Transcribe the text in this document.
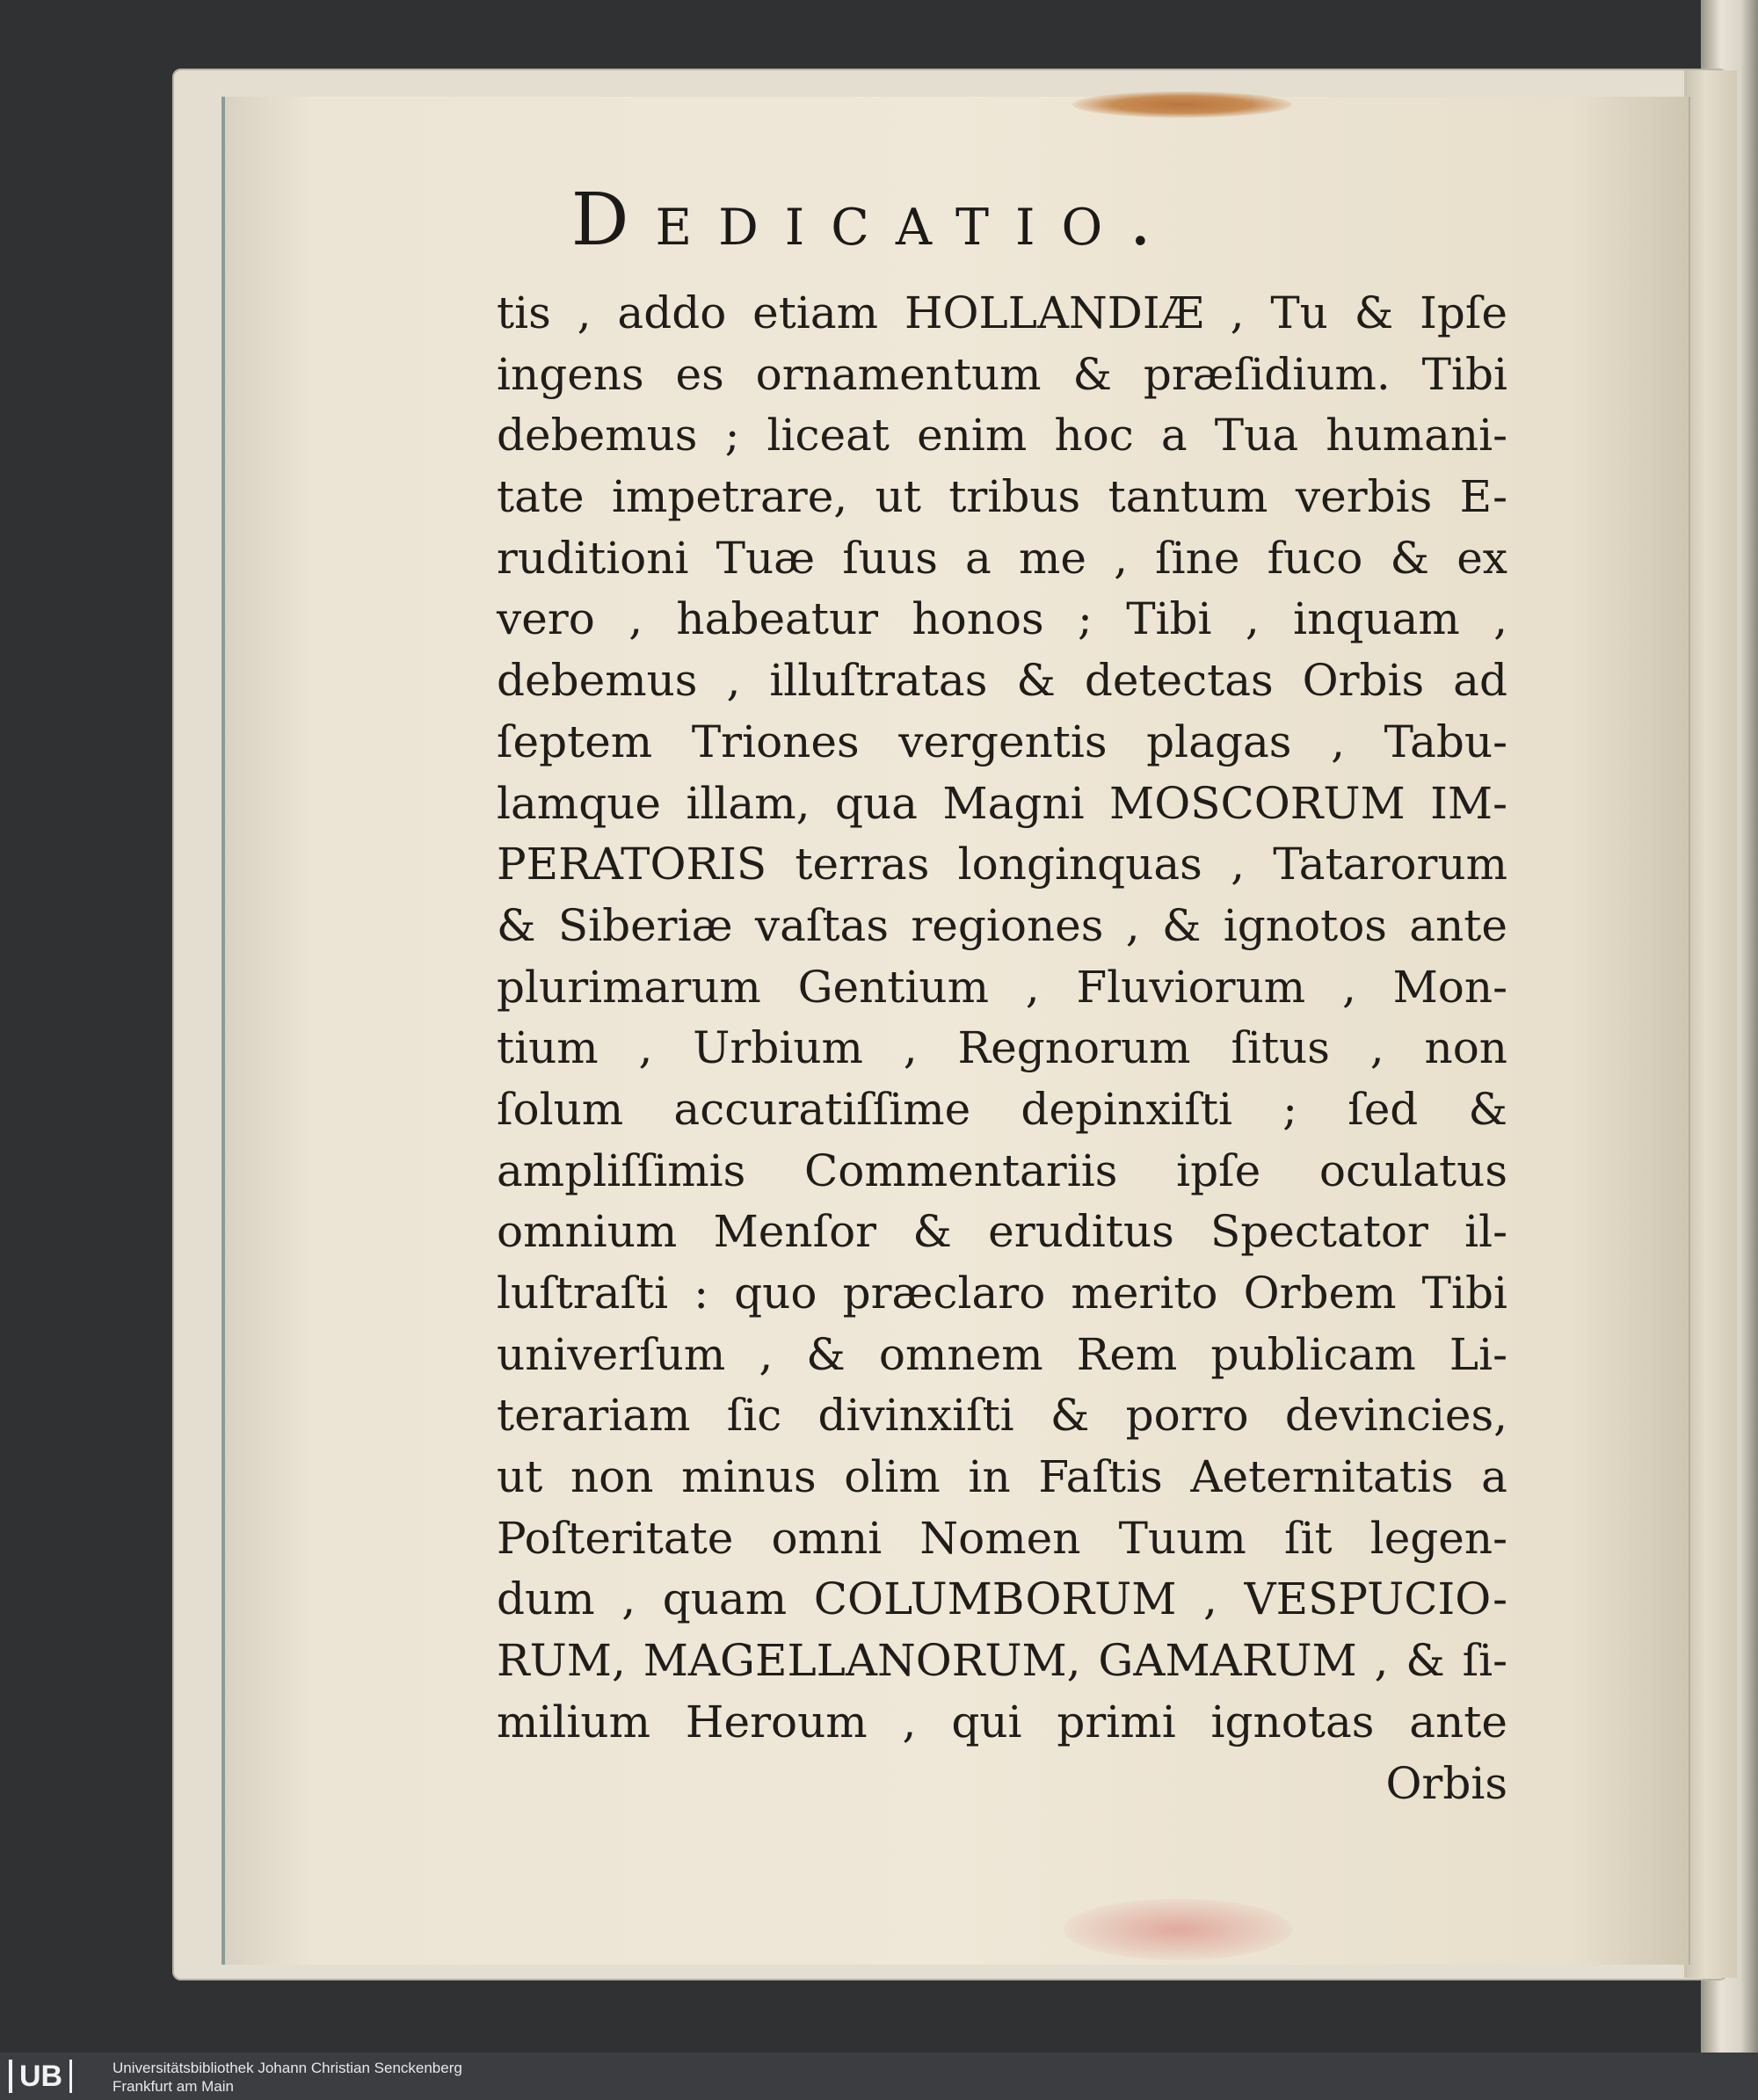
Dedicatio.
tis , addo etiam HOLLANDIÆ , Tu & Ipſe
ingens es ornamentum & præſidium. Tibi
debemus ; liceat enim hoc a Tua humani-
tate impetrare, ut tribus tantum verbis E-
ruditioni Tuæ ſuus a me , ſine fuco & ex
vero , habeatur honos ; Tibi , inquam ,
debemus , illuſtratas & detectas Orbis ad
ſeptem Triones vergentis plagas , Tabu-
lamque illam, qua Magni MOSCORUM IM-
PERATORIS terras longinquas , Tatarorum
& Siberiæ vaſtas regiones , & ignotos ante
plurimarum Gentium , Fluviorum , Mon-
tium , Urbium , Regnorum ſitus , non
ſolum accuratiſſime depinxiſti ; ſed &
ampliſſimis Commentariis ipſe oculatus
omnium Menſor & eruditus Spectator il-
luſtraſti : quo præclaro merito Orbem Tibi
univerſum , & omnem Rem publicam Li-
terariam ſic divinxiſti & porro devincies,
ut non minus olim in Faſtis Aeternitatis a
Poſteritate omni Nomen Tuum ſit legen-
dum , quam COLUMBORUM , VESPUCIO-
RUM, MAGELLANORUM, GAMARUM , & ſi-
milium Heroum , qui primi ignotas ante
Orbis
UB	Universitätsbibliothek Johann Christian Senckenberg
Frankfurt am Main
